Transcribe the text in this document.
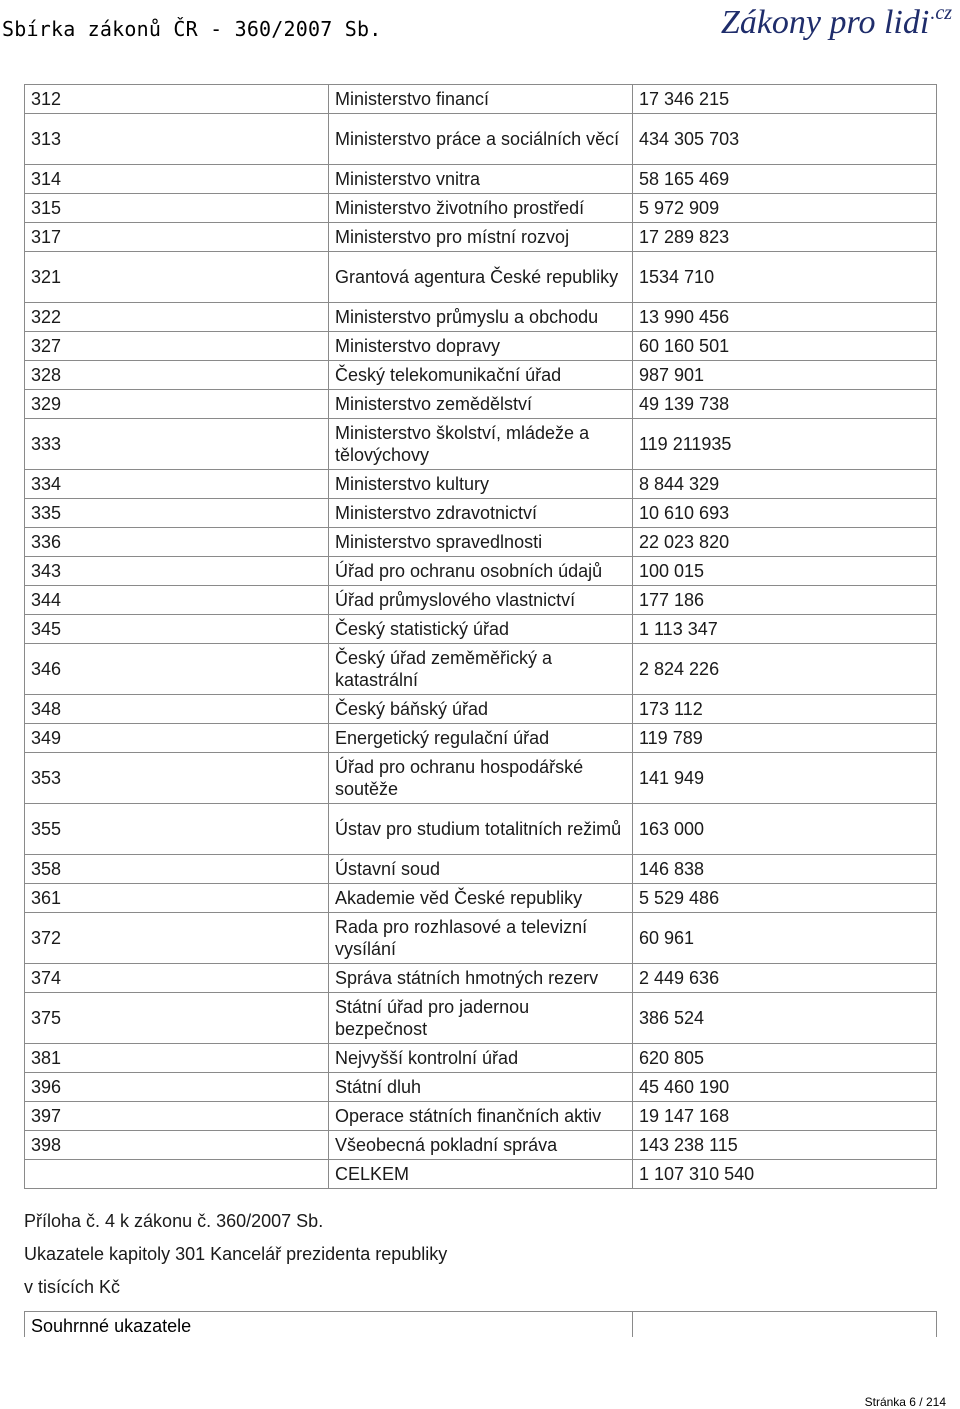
Sbírka zákonů ČR - 360/2007 Sb.	Zákony pro lidi$^{.cz}$
312	Ministerstvo financí	17 346 215
313	Ministerstvo práce a sociálních věcí	434 305 703
314	Ministerstvo vnitra	58 165 469
315	Ministerstvo životního prostředí	5 972 909
317	Ministerstvo pro místní rozvoj	17 289 823
321	Grantová agentura České republiky	1534 710
322	Ministerstvo průmyslu a obchodu	13 990 456
327	Ministerstvo dopravy	60 160 501
328	Český telekomunikační úřad	987 901
329	Ministerstvo zemědělství	49 139 738
333	Ministerstvo školství, mládeže a tělovýchovy	119 211935
334	Ministerstvo kultury	8 844 329
335	Ministerstvo zdravotnictví	10 610 693
336	Ministerstvo spravedlnosti	22 023 820
343	Úřad pro ochranu osobních údajů	100 015
344	Úřad průmyslového vlastnictví	177 186
345	Český statistický úřad	1 113 347
346	Český úřad zeměměřický a katastrální	2 824 226
348	Český báňský úřad	173 112
349	Energetický regulační úřad	119 789
353	Úřad pro ochranu hospodářské soutěže	141 949
355	Ústav pro studium totalitních režimů	163 000
358	Ústavní soud	146 838
361	Akademie věd České republiky	5 529 486
372	Rada pro rozhlasové a televizní vysílání	60 961
374	Správa státních hmotných rezerv	2 449 636
375	Státní úřad pro jadernou bezpečnost	386 524
381	Nejvyšší kontrolní úřad	620 805
396	Státní dluh	45 460 190
397	Operace státních finančních aktiv	19 147 168
398	Všeobecná pokladní správa	143 238 115
	CELKEM	1 107 310 540
Příloha č. 4 k zákonu č. 360/2007 Sb.
Ukazatele kapitoly 301 Kancelář prezidenta republiky
v tisících Kč
Souhrnné ukazatele	
Stránka 6 / 214
